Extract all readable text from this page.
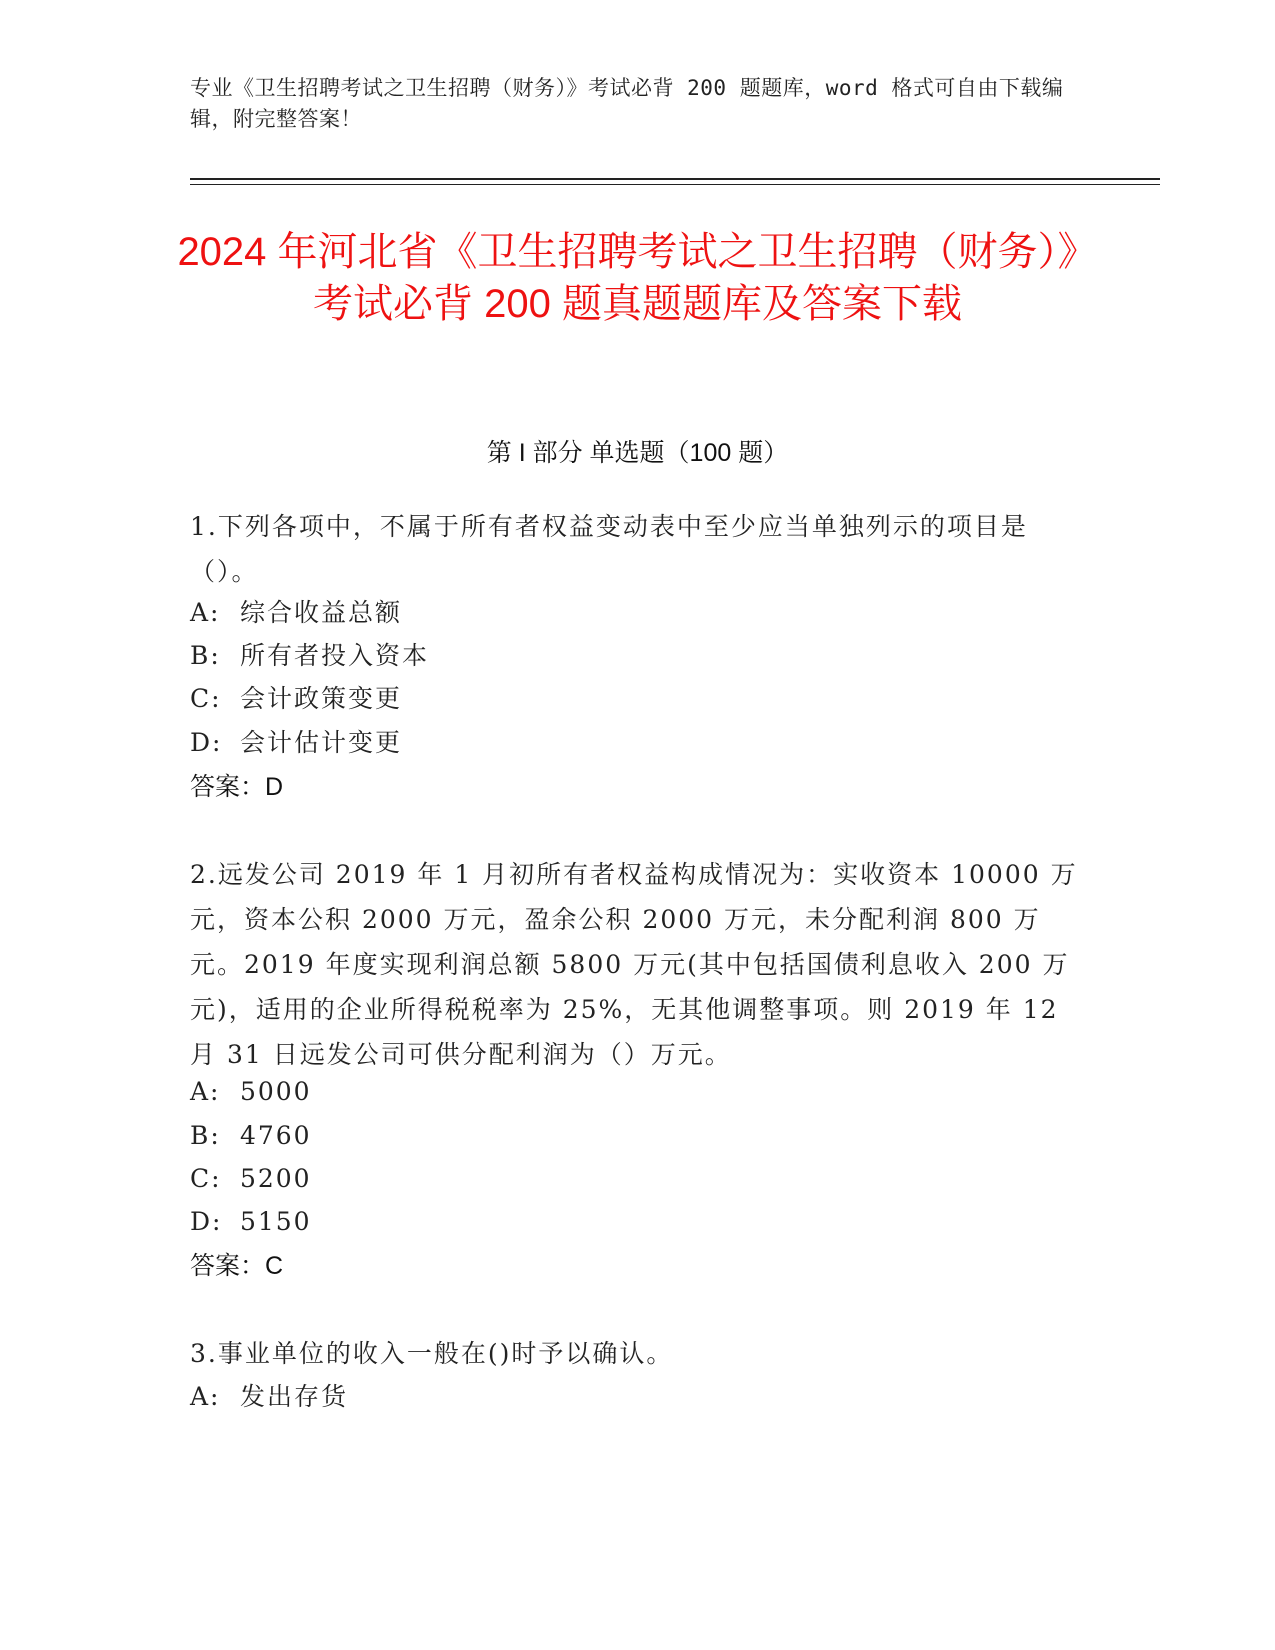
专业《卫生招聘考试之卫生招聘（财务）》考试必背 200 题题库，word 格式可自由下载编辑，附完整答案！
2024 年河北省《卫生招聘考试之卫生招聘（财务）》考试必背 200 题真题题库及答案下载
第 I 部分 单选题（100 题）
1.下列各项中，不属于所有者权益变动表中至少应当单独列示的项目是（）。
A: 综合收益总额
B: 所有者投入资本
C: 会计政策变更
D: 会计估计变更
答案：D
2.远发公司 2019 年 1 月初所有者权益构成情况为：实收资本 10000 万元，资本公积 2000 万元，盈余公积 2000 万元，未分配利润 800 万元。2019 年度实现利润总额 5800 万元(其中包括国债利息收入 200 万元)，适用的企业所得税税率为 25%，无其他调整事项。则 2019 年 12 月 31 日远发公司可供分配利润为（）万元。
A: 5000
B: 4760
C: 5200
D: 5150
答案：C
3.事业单位的收入一般在()时予以确认。
A: 发出存货
